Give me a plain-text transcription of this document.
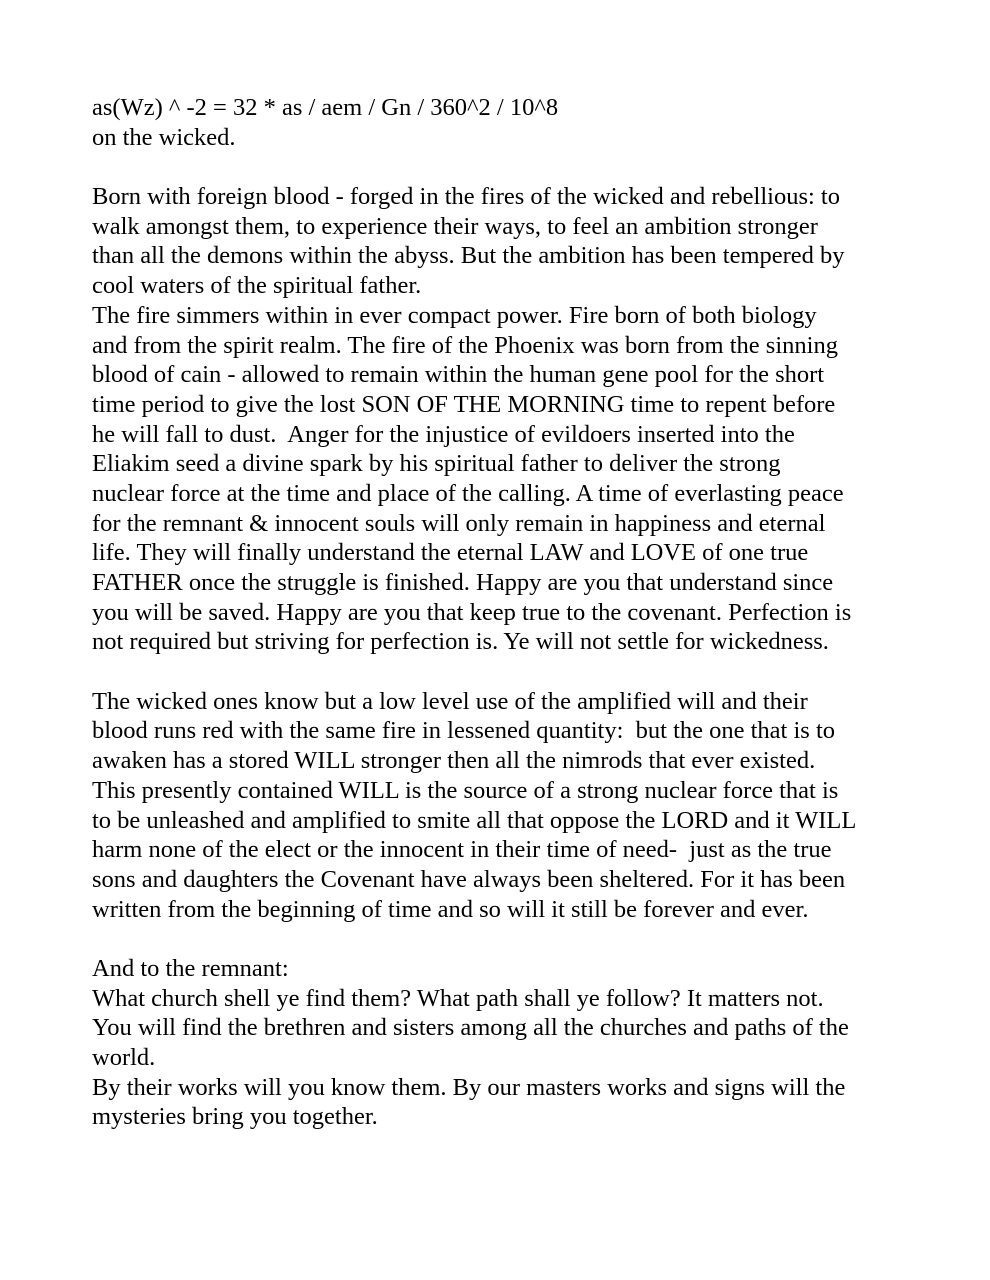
as(Wz) ^ -2 = 32 * as / aem / Gn / 360^2 / 10^8
on the wicked.
Born with foreign blood - forged in the fires of the wicked and rebellious: to
walk amongst them, to experience their ways, to feel an ambition stronger
than all the demons within the abyss. But the ambition has been tempered by
cool waters of the spiritual father.
The fire simmers within in ever compact power. Fire born of both biology
and from the spirit realm. The fire of the Phoenix was born from the sinning
blood of cain - allowed to remain within the human gene pool for the short
time period to give the lost SON OF THE MORNING time to repent before
he will fall to dust.  Anger for the injustice of evildoers inserted into the
Eliakim seed a divine spark by his spiritual father to deliver the strong
nuclear force at the time and place of the calling. A time of everlasting peace
for the remnant & innocent souls will only remain in happiness and eternal
life. They will finally understand the eternal LAW and LOVE of one true
FATHER once the struggle is finished. Happy are you that understand since
you will be saved. Happy are you that keep true to the covenant. Perfection is
not required but striving for perfection is. Ye will not settle for wickedness.
The wicked ones know but a low level use of the amplified will and their
blood runs red with the same fire in lessened quantity:  but the one that is to
awaken has a stored WILL stronger then all the nimrods that ever existed.
This presently contained WILL is the source of a strong nuclear force that is
to be unleashed and amplified to smite all that oppose the LORD and it WILL
harm none of the elect or the innocent in their time of need-  just as the true
sons and daughters the Covenant have always been sheltered. For it has been
written from the beginning of time and so will it still be forever and ever.
And to the remnant:
What church shell ye find them? What path shall ye follow? It matters not.
You will find the brethren and sisters among all the churches and paths of the
world.
By their works will you know them. By our masters works and signs will the
mysteries bring you together.
